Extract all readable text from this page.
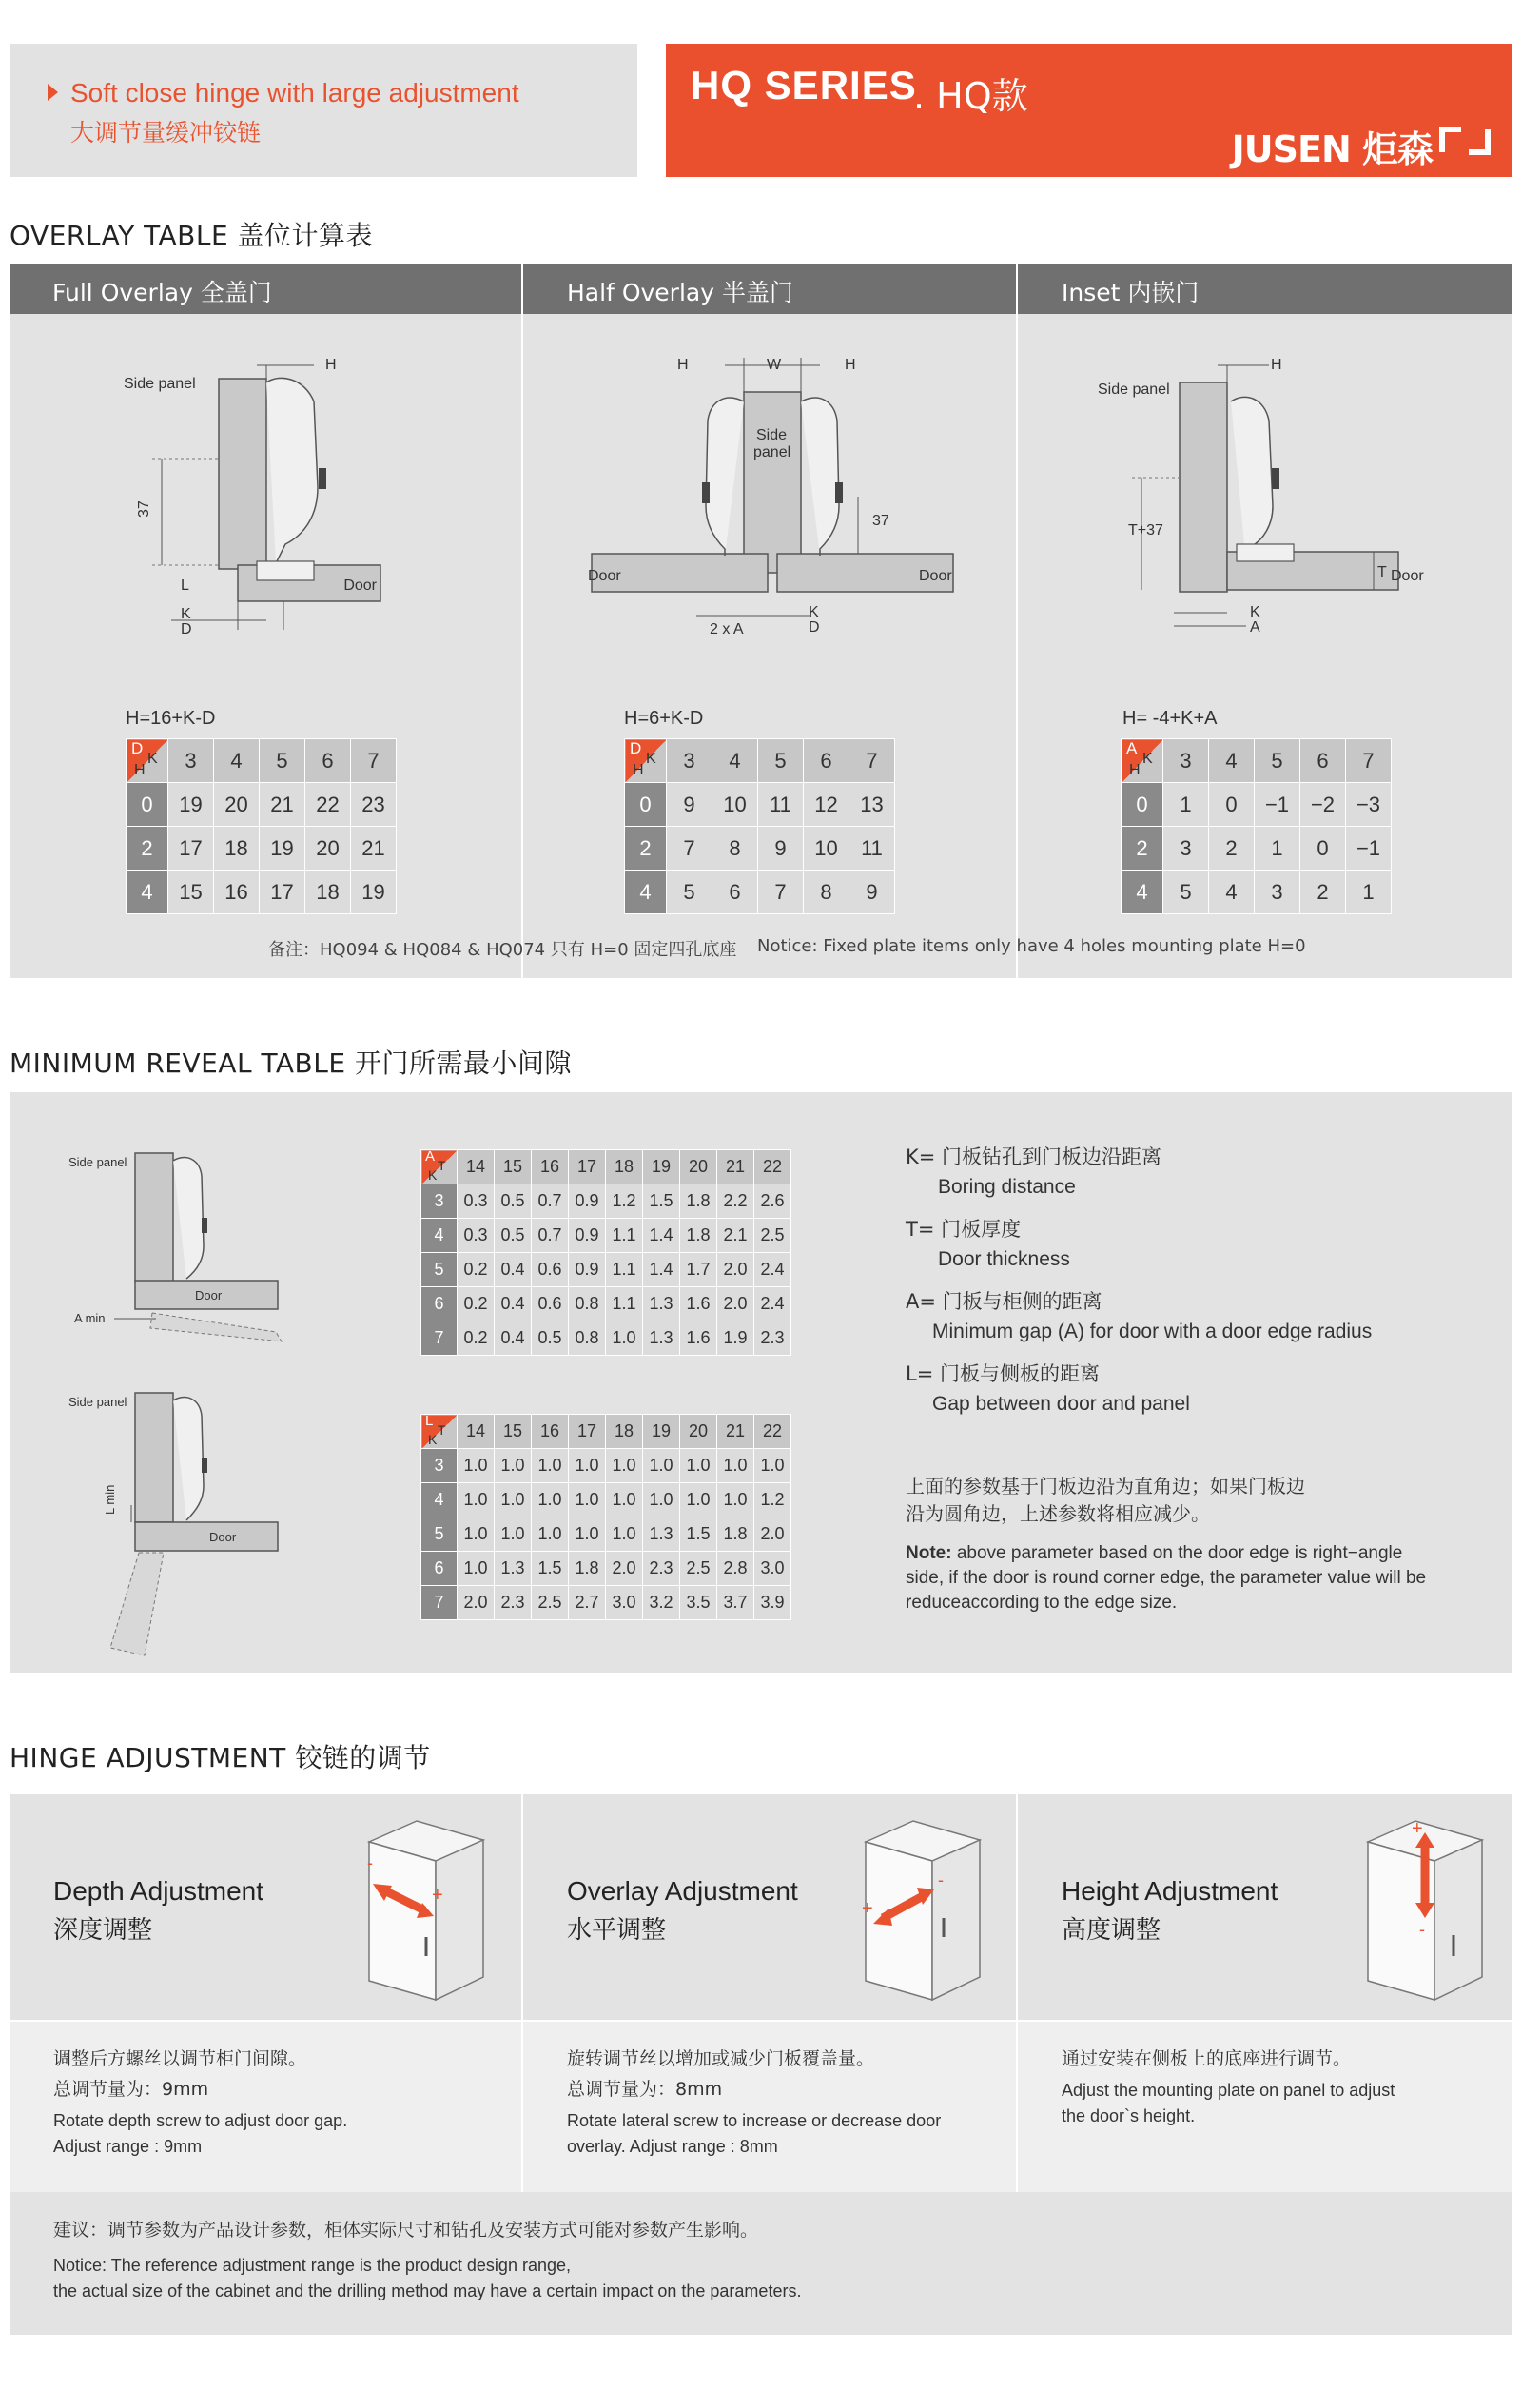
Soft close hinge with large adjustment
大调节量缓冲铰链
HQ SERIES
. HQ款
JUSEN 炬森
OVERLAY TABLE 盖位计算表
Full Overlay 全盖门	Half Overlay 半盖门	Inset 内嵌门
Side panel
H
37
L	Door
K
D
H	W	H
Side
panel
37
Door	Door
2 x A
K
D
Side panel
H
T+37
T Door
K
A
H=16+K-D	H=6+K-D	H= -4+K+A
D
K
H	3	4	5	6	7
0	19	20	21	22	23
2	17	18	19	20	21
4	15	16	17	18	19
D
K
H	3	4	5	6	7
0	9	10	11	12	13
2	7	8	9	10	11
4	5	6	7	8	9
A
K
H	3	4	5	6	7
0	1	0	−1	−2	−3
2	3	2	1	0	−1
4	5	4	3	2	1
备注：HQ094 & HQ084 & HQ074 只有 H=0 固定四孔底座 Notice: Fixed plate items only have 4 holes mounting plate H=0
MINIMUM REVEAL TABLE 开门所需最小间隙
Side panel
Door
A min
Side panel
Door
L min
A
T
K	14	15	16	17	18	19	20	21	22
3	0.3	0.5	0.7	0.9	1.2	1.5	1.8	2.2	2.6
4	0.3	0.5	0.7	0.9	1.1	1.4	1.8	2.1	2.5
5	0.2	0.4	0.6	0.9	1.1	1.4	1.7	2.0	2.4
6	0.2	0.4	0.6	0.8	1.1	1.3	1.6	2.0	2.4
7	0.2	0.4	0.5	0.8	1.0	1.3	1.6	1.9	2.3
L
T
K	14	15	16	17	18	19	20	21	22
3	1.0	1.0	1.0	1.0	1.0	1.0	1.0	1.0	1.0
4	1.0	1.0	1.0	1.0	1.0	1.0	1.0	1.0	1.2
5	1.0	1.0	1.0	1.0	1.0	1.3	1.5	1.8	2.0
6	1.0	1.3	1.5	1.8	2.0	2.3	2.5	2.8	3.0
7	2.0	2.3	2.5	2.7	3.0	3.2	3.5	3.7	3.9
K= 门板钻孔到门板边沿距离
Boring distance
T= 门板厚度
Door thickness
A= 门板与柜侧的距离
Minimum gap (A) for door with a door edge radius
L= 门板与侧板的距离
Gap between door and panel
上面的参数基于门板边沿为直角边；如果门板边
沿为圆角边，上述参数将相应减少。
Note: above parameter based on the door edge is right−angle
side, if the door is round corner edge, the parameter value will be
reduceaccording to the edge size.
HINGE ADJUSTMENT 铰链的调节
Depth Adjustment
深度调整
-
+	Overlay Adjustment
水平调整
+
-	Height Adjustment
高度调整
+
-
调整后方螺丝以调节柜门间隙。
总调节量为：9mm
Rotate depth screw to adjust door gap.
Adjust range : 9mm
旋转调节丝以增加或减少门板覆盖量。
总调节量为：8mm
Rotate lateral screw to increase or decrease door
overlay. Adjust range : 8mm
通过安装在侧板上的底座进行调节。
Adjust the mounting plate on panel to adjust
the door`s height.
建议：调节参数为产品设计参数，柜体实际尺寸和钻孔及安装方式可能对参数产生影响。
Notice: The reference adjustment range is the product design range,
the actual size of the cabinet and the drilling method may have a certain impact on the parameters.
